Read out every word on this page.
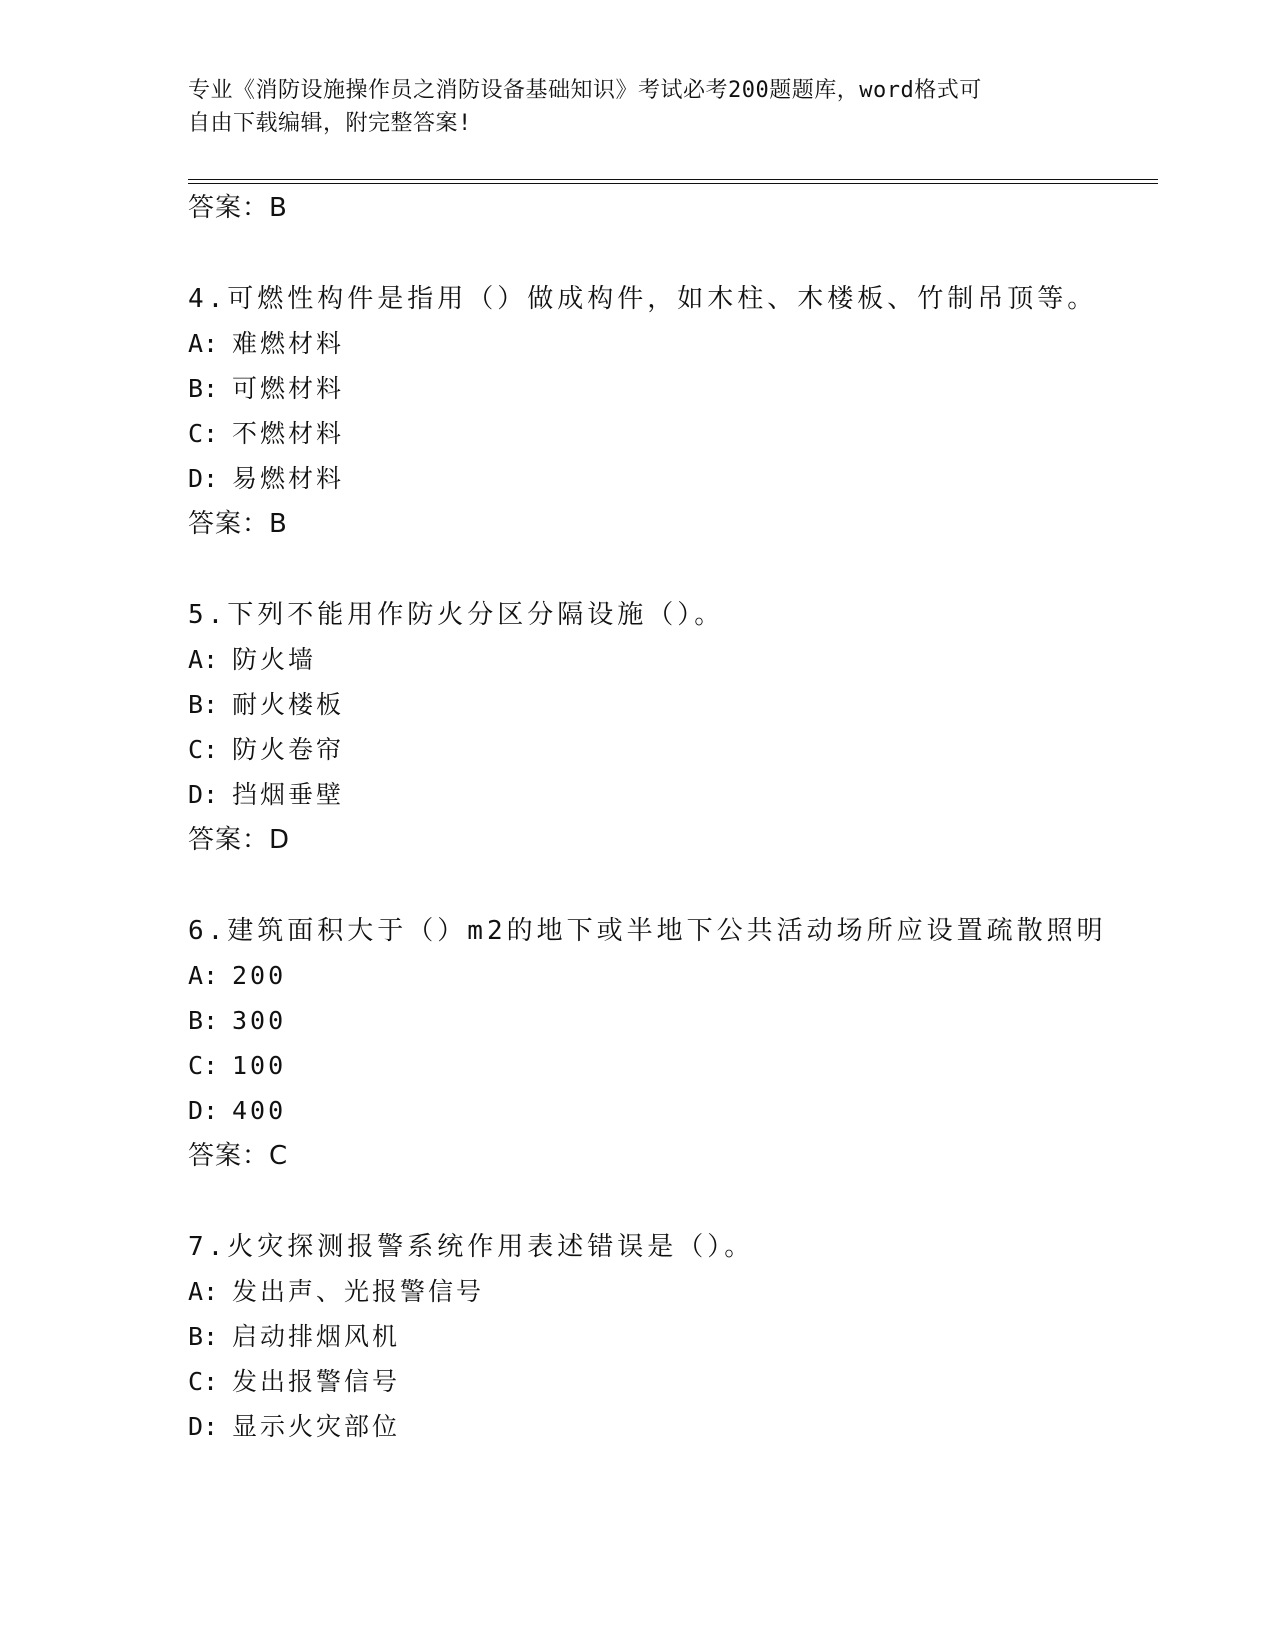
专业《消防设施操作员之消防设备基础知识》考试必考200题题库，word格式可
自由下载编辑，附完整答案!
答案：B
4.可燃性构件是指用（）做成构件，如木柱、木楼板、竹制吊顶等。
A: 难燃材料
B: 可燃材料
C: 不燃材料
D: 易燃材料
答案：B
5.下列不能用作防火分区分隔设施（）。
A: 防火墙
B: 耐火楼板
C: 防火卷帘
D: 挡烟垂壁
答案：D
6.建筑面积大于（）m2的地下或半地下公共活动场所应设置疏散照明
A: 200
B: 300
C: 100
D: 400
答案：C
7.火灾探测报警系统作用表述错误是（）。
A: 发出声、光报警信号
B: 启动排烟风机
C: 发出报警信号
D: 显示火灾部位
